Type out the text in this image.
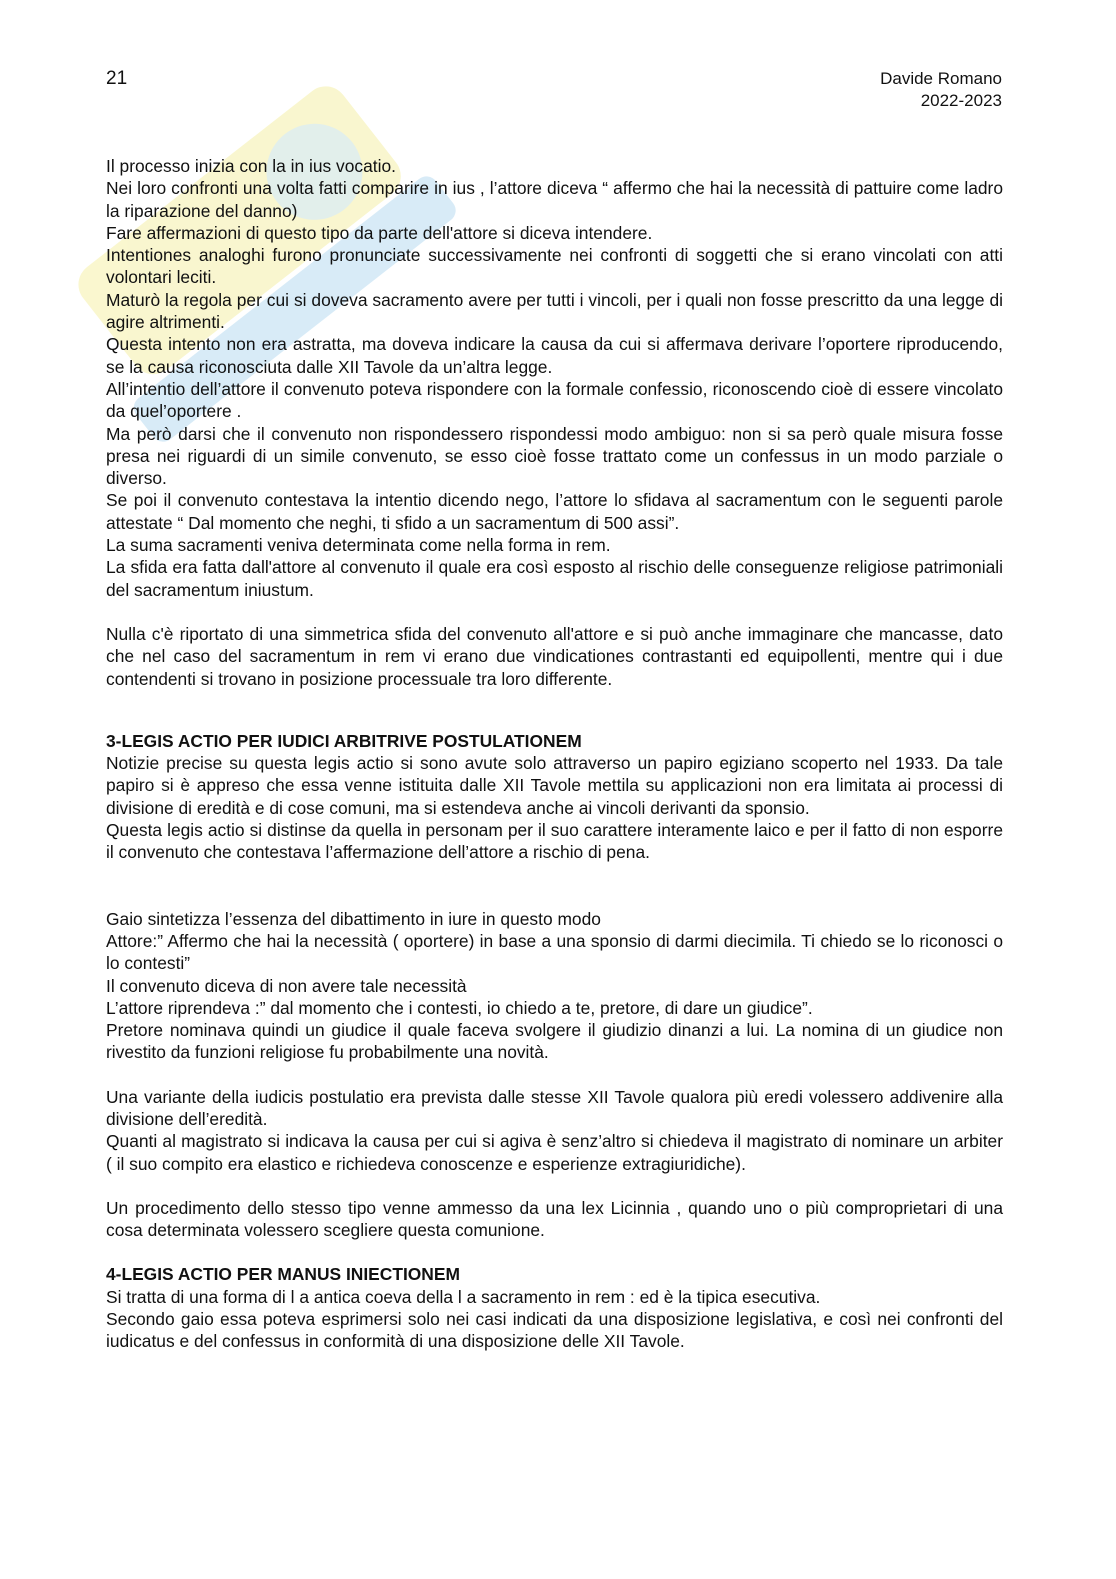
21	Davide Romano
2022-2023

Il processo inizia con la in ius vocatio.

Nei loro confronti una volta fatti comparire in ius , l’attore diceva “ affermo che hai la necessità di pattuire come ladro la riparazione del danno)

Fare affermazioni di questo tipo da parte dell'attore si diceva intendere.

Intentiones analoghi furono pronunciate successivamente nei confronti di soggetti che si erano vincolati con atti volontari leciti.

Maturò la regola per cui si doveva sacramento avere per tutti i vincoli, per i quali non fosse prescritto da una legge di agire altrimenti.

Questa intento non era astratta, ma doveva indicare la causa da cui si affermava derivare l’oportere riproducendo, se la causa riconosciuta dalle XII Tavole da un’altra legge.

All’intentio dell’attore il convenuto poteva rispondere con la formale confessio, riconoscendo cioè di essere vincolato da quel’oportere .

Ma però darsi che il convenuto non rispondessero rispondessi modo ambiguo: non si sa però quale misura fosse presa nei riguardi di un simile convenuto, se esso cioè fosse trattato come un confessus in un modo parziale o diverso.

Se poi il convenuto contestava la intentio dicendo nego, l’attore lo sfidava al sacramentum con le seguenti parole attestate “ Dal momento che neghi, ti sfido a un sacramentum di 500 assi”.

La suma sacramenti veniva determinata come nella forma in rem.

La sfida era fatta dall'attore al convenuto il quale era così esposto al rischio delle conseguenze religiose patrimoniali del sacramentum iniustum.

Nulla c'è riportato di una simmetrica sfida del convenuto all'attore e si può anche immaginare che mancasse, dato che nel caso del sacramentum in rem vi erano due vindicationes contrastanti ed equipollenti, mentre qui i due contendenti si trovano in posizione processuale tra loro differente.

3-LEGIS ACTIO PER IUDICI ARBITRIVE POSTULATIONEM

Notizie precise su questa legis actio si sono avute solo attraverso un papiro egiziano scoperto nel 1933. Da tale papiro si è appreso che essa venne istituita dalle XII Tavole mettila su applicazioni non era limitata ai processi di divisione di eredità e di cose comuni, ma si estendeva anche ai vincoli derivanti da sponsio.

Questa legis actio si distinse da quella in personam per il suo carattere interamente laico e per il fatto di non esporre il convenuto che contestava l’affermazione dell’attore a rischio di pena.

Gaio sintetizza l’essenza del dibattimento in iure in questo modo

Attore:” Affermo che hai la necessità ( oportere) in base a una sponsio di darmi diecimila. Ti chiedo se lo riconosci o lo contesti”

Il convenuto diceva di non avere tale necessità

L’attore riprendeva :” dal momento che i contesti, io chiedo a te, pretore, di dare un giudice”.

Pretore nominava quindi un giudice il quale faceva svolgere il giudizio dinanzi a lui. La nomina di un giudice non rivestito da funzioni religiose fu probabilmente una novità.

Una variante della iudicis postulatio era prevista dalle stesse XII Tavole qualora più eredi volessero addivenire alla divisione dell’eredità.

Quanti al magistrato si indicava la causa per cui si agiva è senz’altro si chiedeva il magistrato di nominare un arbiter ( il suo compito era elastico e richiedeva conoscenze e esperienze extragiuridiche).

Un procedimento dello stesso tipo venne ammesso da una lex Licinnia , quando uno o più comproprietari di una cosa determinata volessero scegliere questa comunione.

4-LEGIS ACTIO PER MANUS INIECTIONEM

Si tratta di una forma di l a antica coeva della l a sacramento in rem : ed è la tipica esecutiva.

Secondo gaio essa poteva esprimersi solo nei casi indicati da una disposizione legislativa, e così nei confronti del iudicatus e del confessus in conformità di una disposizione delle XII Tavole.
